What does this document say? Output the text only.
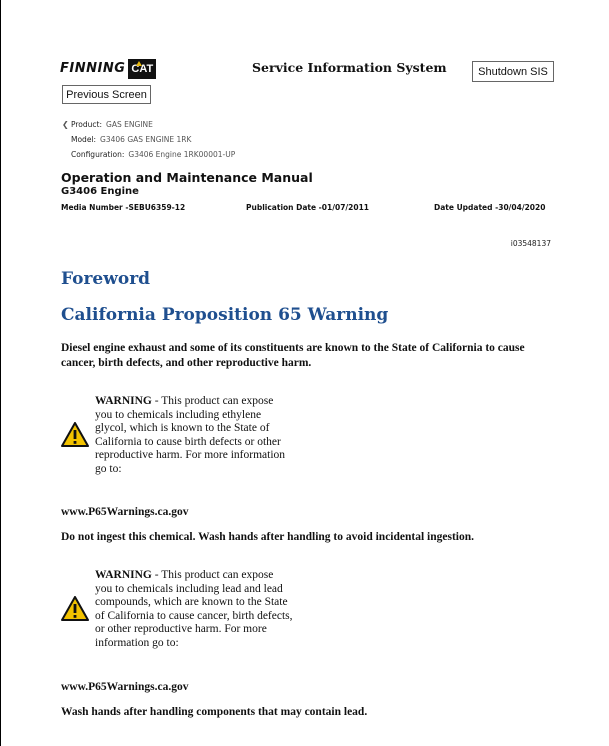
FINNING CAT	Service Information System	Shutdown SIS
Previous Screen
❮ Product: GAS ENGINE
Model: G3406 GAS ENGINE 1RK
Configuration: G3406 Engine 1RK00001-UP
Operation and Maintenance Manual
G3406 Engine
Media Number -SEBU6359-12	Publication Date -01/07/2011	Date Updated -30/04/2020
i03548137
Foreword
California Proposition 65 Warning
Diesel engine exhaust and some of its constituents are known to the State of California to cause cancer, birth defects, and other reproductive harm.
WARNING - This product can expose
you to chemicals including ethylene
glycol, which is known to the State of
California to cause birth defects or other
reproductive harm. For more information
go to:
www.P65Warnings.ca.gov
Do not ingest this chemical. Wash hands after handling to avoid incidental ingestion.
WARNING - This product can expose
you to chemicals including lead and lead
compounds, which are known to the State
of California to cause cancer, birth defects,
or other reproductive harm. For more
information go to:
www.P65Warnings.ca.gov
Wash hands after handling components that may contain lead.
